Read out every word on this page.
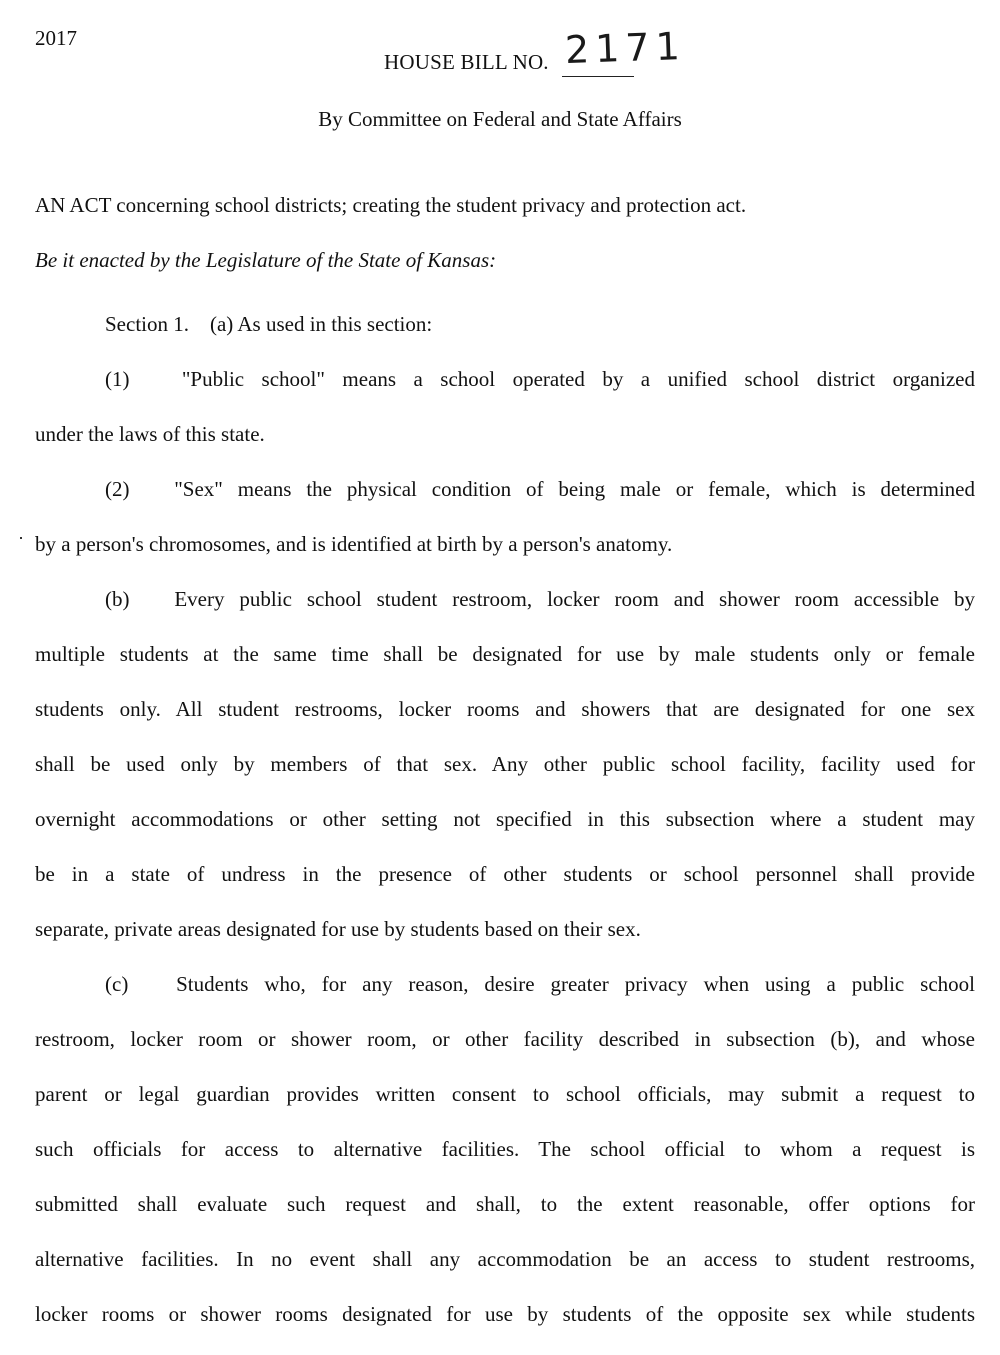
2017
HOUSE BILL NO. 2171
By Committee on Federal and State Affairs
AN ACT concerning school districts; creating the student privacy and protection act.
Be it enacted by the Legislature of the State of Kansas:
Section 1.    (a) As used in this section:
(1)   "Public school" means a school operated by a unified school district organized
under the laws of this state.
(2)   "Sex" means the physical condition of being male or female, which is determined
by a person's chromosomes, and is identified at birth by a person's anatomy.
(b)   Every public school student restroom, locker room and shower room accessible by
multiple students at the same time shall be designated for use by male students only or female
students only. All student restrooms, locker rooms and showers that are designated for one sex
shall be used only by members of that sex. Any other public school facility, facility used for
overnight accommodations or other setting not specified in this subsection where a student may
be in a state of undress in the presence of other students or school personnel shall provide
separate, private areas designated for use by students based on their sex.
(c)   Students who, for any reason, desire greater privacy when using a public school
restroom, locker room or shower room, or other facility described in subsection (b), and whose
parent or legal guardian provides written consent to school officials, may submit a request to
such officials for access to alternative facilities. The school official to whom a request is
submitted shall evaluate such request and shall, to the extent reasonable, offer options for
alternative facilities. In no event shall any accommodation be an access to student restrooms,
locker rooms or shower rooms designated for use by students of the opposite sex while students
